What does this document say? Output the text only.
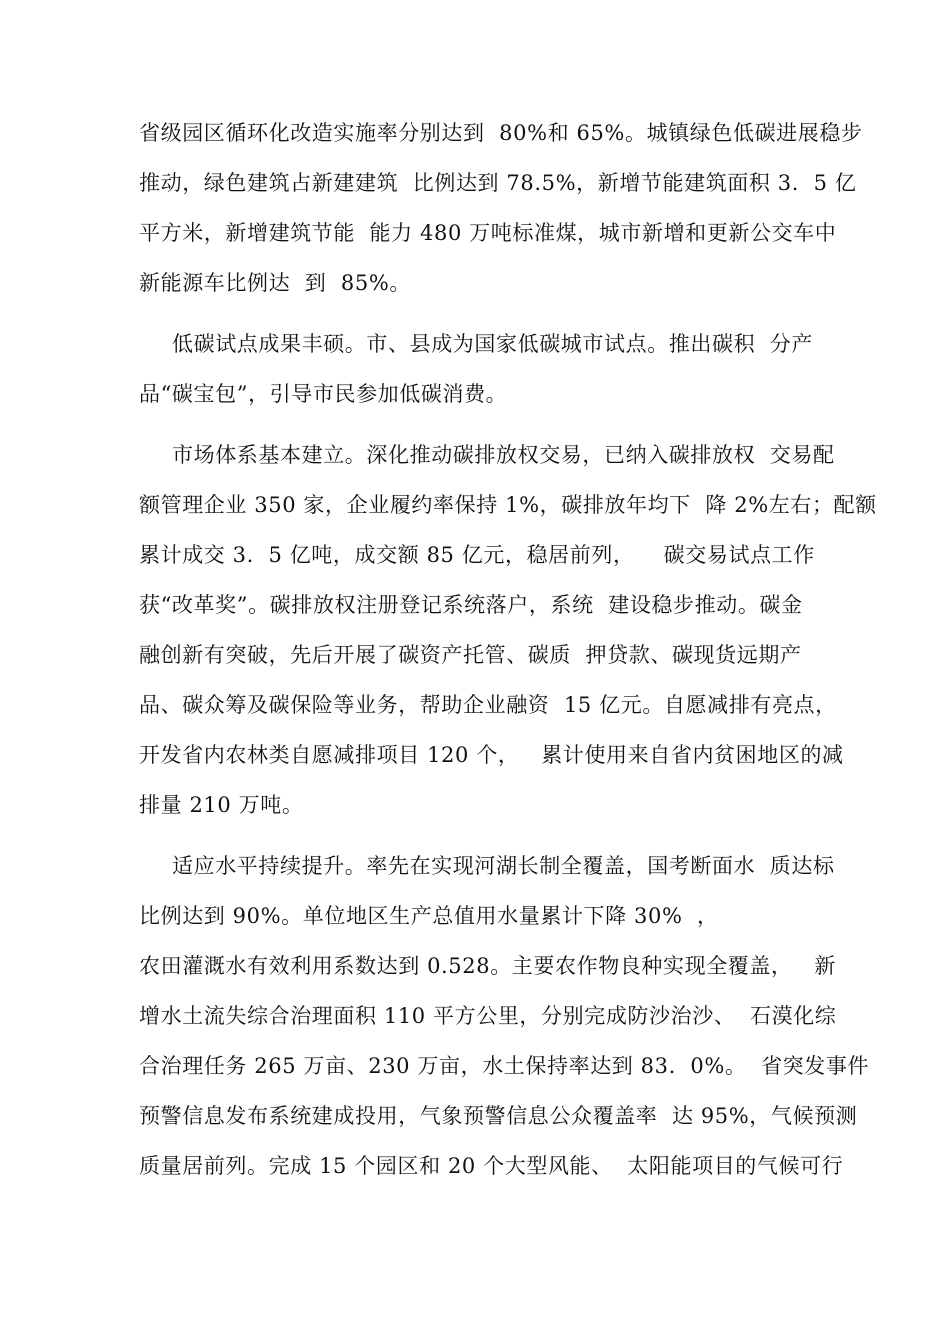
省级园区循环化改造实施率分别达到  80%和 65%。城镇绿色低碳进展稳步
推动，绿色建筑占新建建筑  比例达到 78.5%，新增节能建筑面积 3.  5 亿
平方米，新增建筑节能  能力 480 万吨标准煤，城市新增和更新公交车中
新能源车比例达  到  85%。
低碳试点成果丰硕。市、县成为国家低碳城市试点。推出碳积  分产
品“碳宝包”，引导市民参加低碳消费。
市场体系基本建立。深化推动碳排放权交易，已纳入碳排放权  交易配
额管理企业 350 家，企业履约率保持 1%，碳排放年均下  降 2%左右；配额
累计成交 3.  5 亿吨，成交额 85 亿元，稳居前列，    碳交易试点工作
获“改革奖”。碳排放权注册登记系统落户，系统  建设稳步推动。碳金
融创新有突破，先后开展了碳资产托管、碳质  押贷款、碳现货远期产
品、碳众筹及碳保险等业务，帮助企业融资  15 亿元。自愿减排有亮点，
开发省内农林类自愿减排项目 120 个，   累计使用来自省内贫困地区的减
排量 210 万吨。
适应水平持续提升。率先在实现河湖长制全覆盖，国考断面水  质达标
比例达到 90%。单位地区生产总值用水量累计下降 30%  ，
农田灌溉水有效利用系数达到 0.528。主要农作物良种实现全覆盖，   新
增水土流失综合治理面积 110 平方公里，分别完成防沙治沙、  石漠化综
合治理任务 265 万亩、230 万亩，水土保持率达到 83.  0%。  省突发事件
预警信息发布系统建成投用，气象预警信息公众覆盖率  达 95%，气候预测
质量居前列。完成 15 个园区和 20 个大型风能、  太阳能项目的气候可行
